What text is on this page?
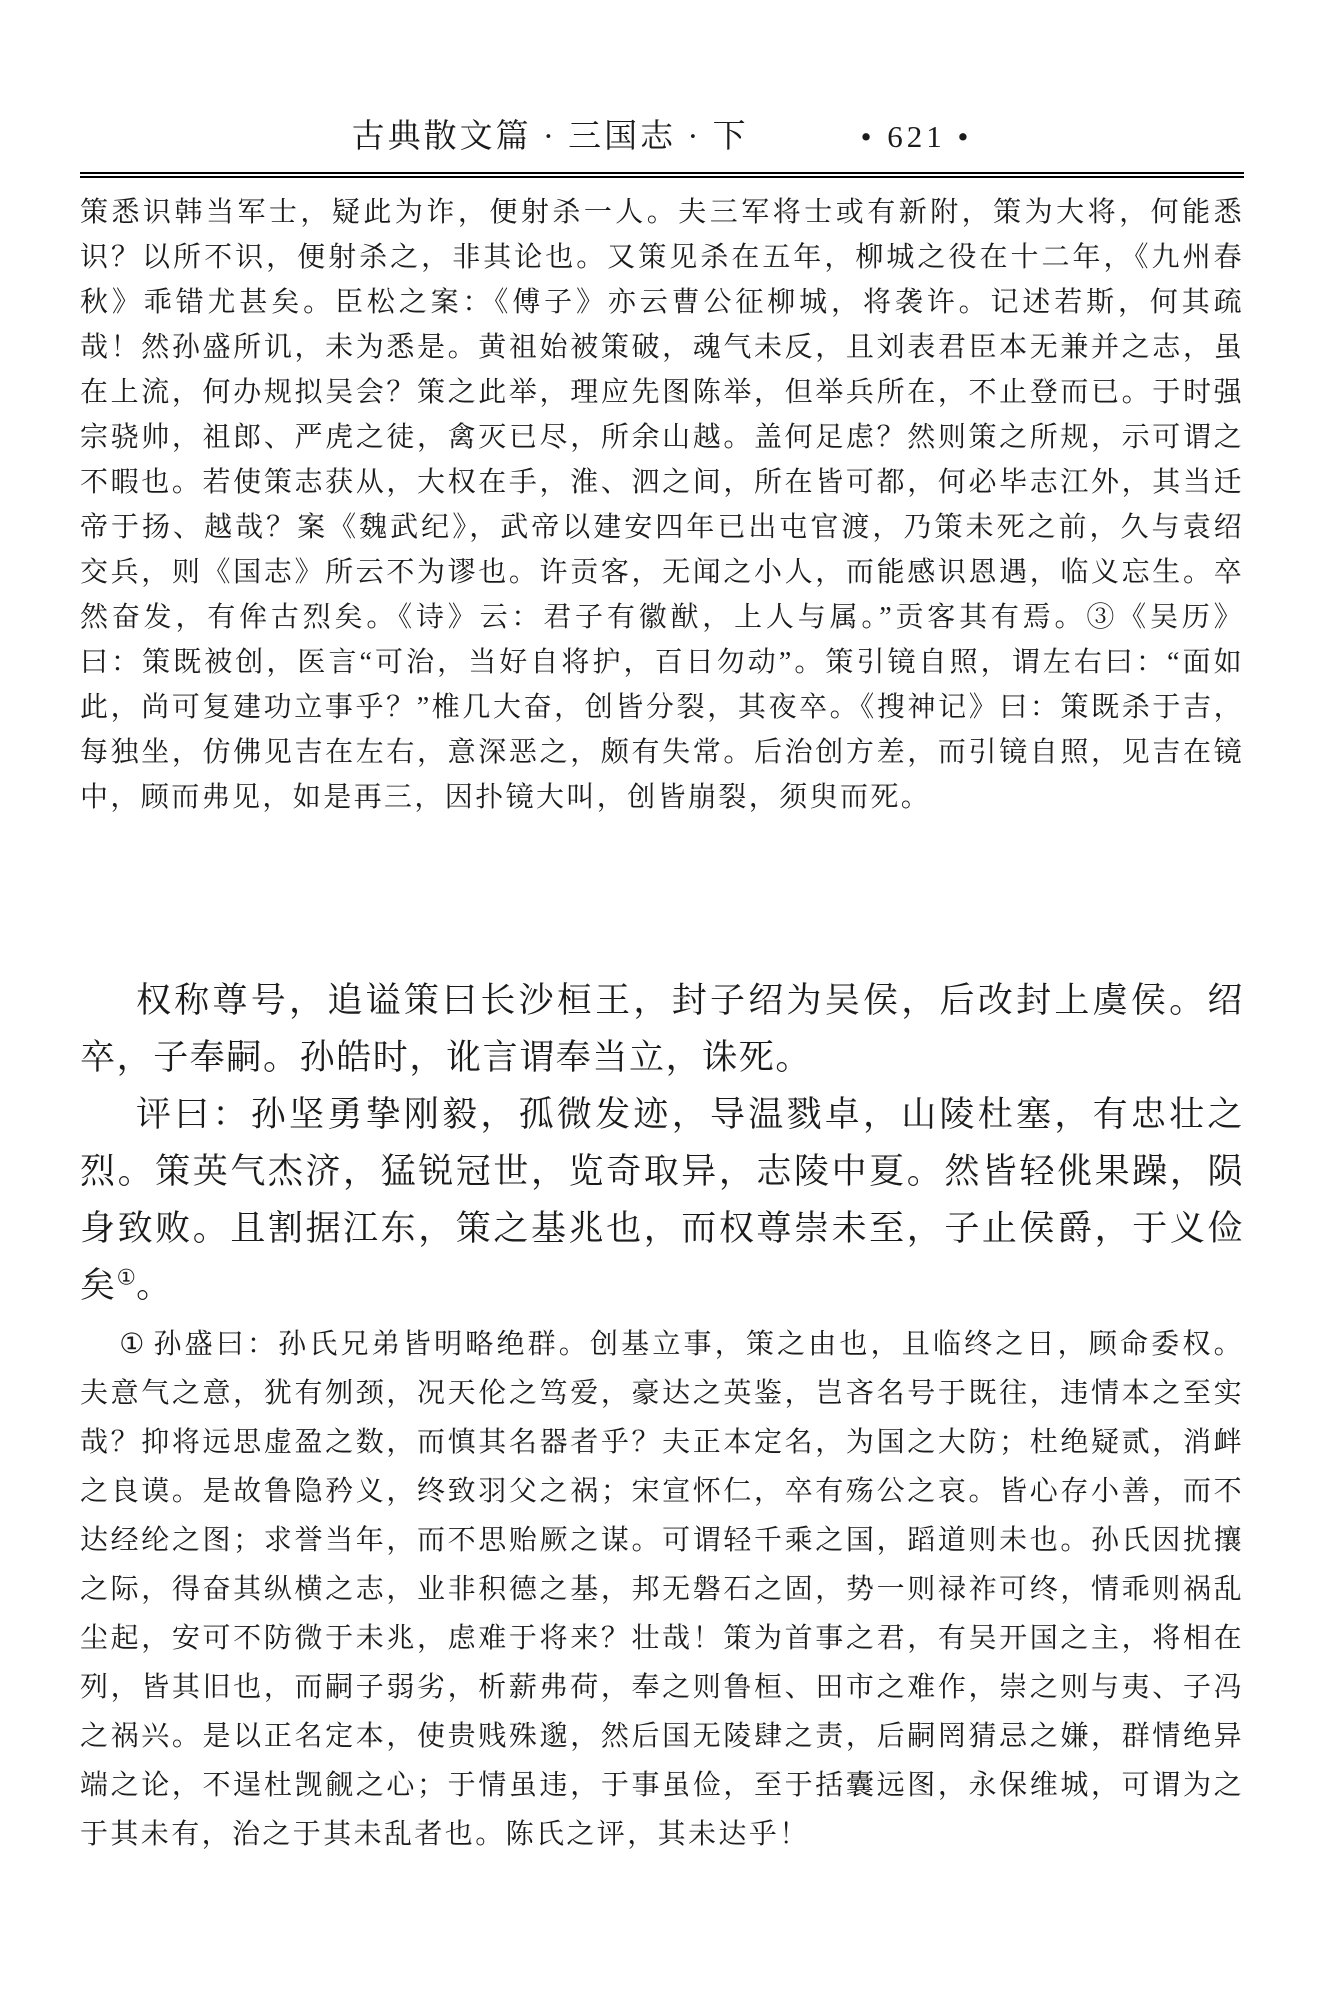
古典散文篇 · 三国志 · 下	• 621 •

策悉识韩当军士，疑此为诈，便射杀一人。夫三军将士或有新附，策为大将，何能悉识？以所不识，便射杀之，非其论也。又策见杀在五年，柳城之役在十二年，《九州春秋》乖错尤甚矣。臣松之案：《傅子》亦云曹公征柳城，将袭许。记述若斯，何其疏哉！然孙盛所讥，未为悉是。黄祖始被策破，魂气未反，且刘表君臣本无兼并之志，虽在上流，何办规拟吴会？策之此举，理应先图陈举，但举兵所在，不止登而已。于时强宗骁帅，祖郎、严虎之徒，禽灭已尽，所余山越。盖何足虑？然则策之所规，示可谓之不暇也。若使策志获从，大权在手，淮、泗之间，所在皆可都，何必毕志江外，其当迁帝于扬、越哉？案《魏武纪》，武帝以建安四年已出屯官渡，乃策未死之前，久与袁绍交兵，则《国志》所云不为谬也。许贡客，无闻之小人，而能感识恩遇，临义忘生。卒然奋发，有侔古烈矣。《诗》云：君子有徽猷，上人与属。”贡客其有焉。③《吴历》曰：策既被创，医言“可治，当好自将护，百日勿动”。策引镜自照，谓左右曰：“面如此，尚可复建功立事乎？”椎几大奋，创皆分裂，其夜卒。《搜神记》曰：策既杀于吉，每独坐，仿佛见吉在左右，意深恶之，颇有失常。后治创方差，而引镜自照，见吉在镜中，顾而弗见，如是再三，因扑镜大叫，创皆崩裂，须臾而死。

权称尊号，追谥策曰长沙桓王，封子绍为吴侯，后改封上虞侯。绍卒，子奉嗣。孙皓时，讹言谓奉当立，诛死。

评曰：孙坚勇挚刚毅，孤微发迹，导温戮卓，山陵杜塞，有忠壮之烈。策英气杰济，猛锐冠世，览奇取异，志陵中夏。然皆轻佻果躁，陨身致败。且割据江东，策之基兆也，而权尊崇未至，子止侯爵，于义俭矣①。

① 孙盛曰：孙氏兄弟皆明略绝群。创基立事，策之由也，且临终之日，顾命委权。夫意气之意，犹有刎颈，况天伦之笃爱，豪达之英鉴，岂吝名号于既往，违情本之至实哉？抑将远思虚盈之数，而慎其名器者乎？夫正本定名，为国之大防；杜绝疑贰，消衅之良谟。是故鲁隐矜义，终致羽父之祸；宋宣怀仁，卒有殇公之哀。皆心存小善，而不达经纶之图；求誉当年，而不思贻厥之谋。可谓轻千乘之国，蹈道则未也。孙氏因扰攘之际，得奋其纵横之志，业非积德之基，邦无磐石之固，势一则禄祚可终，情乖则祸乱尘起，安可不防微于未兆，虑难于将来？壮哉！策为首事之君，有吴开国之主，将相在列，皆其旧也，而嗣子弱劣，析薪弗荷，奉之则鲁桓、田市之难作，崇之则与夷、子冯之祸兴。是以正名定本，使贵贱殊邈，然后国无陵肆之责，后嗣罔猜忌之嫌，群情绝异端之论，不逞杜觊觎之心；于情虽违，于事虽俭，至于括囊远图，永保维城，可谓为之于其未有，治之于其未乱者也。陈氏之评，其未达乎！
